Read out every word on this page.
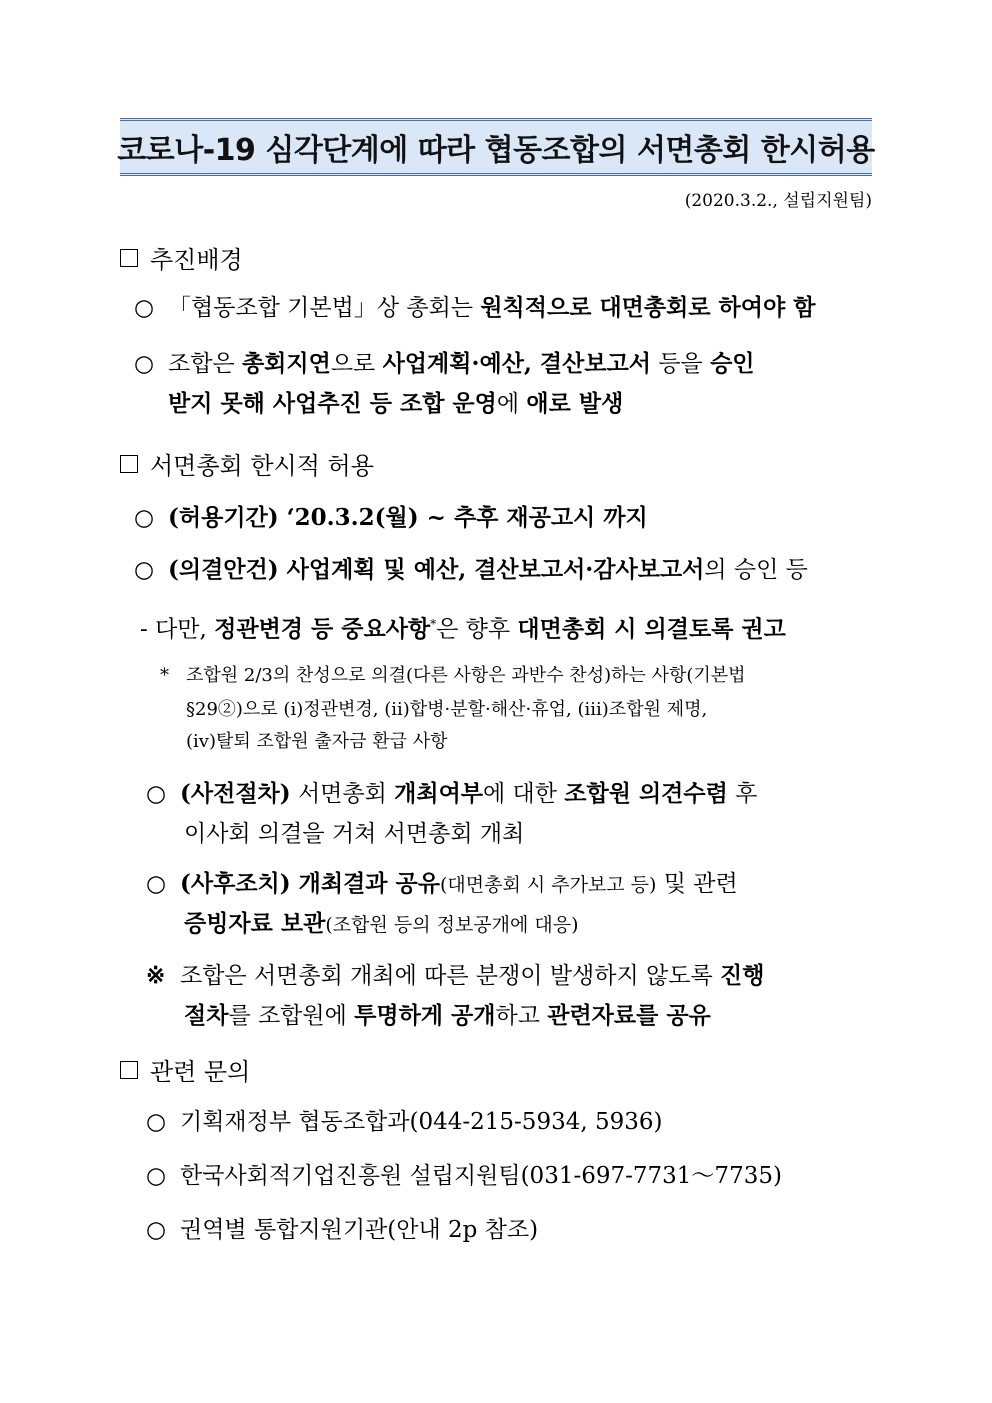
코로나-19 심각단계에 따라 협동조합의 서면총회 한시허용
(2020.3.2., 설립지원팀)
추진배경
○ 「협동조합 기본법」상 총회는 원칙적으로 대면총회로 하여야 함
○ 조합은 총회지연으로 사업계획·예산, 결산보고서 등을 승인
받지 못해 사업추진 등 조합 운영에 애로 발생
서면총회 한시적 허용
○ (허용기간) ‘20.3.2(월) ~ 추후 재공고시 까지
○ (의결안건) 사업계획 및 예산, 결산보고서·감사보고서의 승인 등
- 다만, 정관변경 등 중요사항*은 향후 대면총회 시 의결토록 권고
* 조합원 2/3의 찬성으로 의결(다른 사항은 과반수 찬성)하는 사항(기본법
§29②)으로 (i)정관변경, (ii)합병·분할·해산·휴업, (iii)조합원 제명,
(iv)탈퇴 조합원 출자금 환급 사항
○ (사전절차) 서면총회 개최여부에 대한 조합원 의견수렴 후
이사회 의결을 거쳐 서면총회 개최
○ (사후조치) 개최결과 공유(대면총회 시 추가보고 등) 및 관련
증빙자료 보관(조합원 등의 정보공개에 대응)
※ 조합은 서면총회 개최에 따른 분쟁이 발생하지 않도록 진행
절차를 조합원에 투명하게 공개하고 관련자료를 공유
관련 문의
○ 기획재정부 협동조합과(044-215-5934, 5936)
○ 한국사회적기업진흥원 설립지원팀(031-697-7731～7735)
○ 권역별 통합지원기관(안내 2p 참조)
